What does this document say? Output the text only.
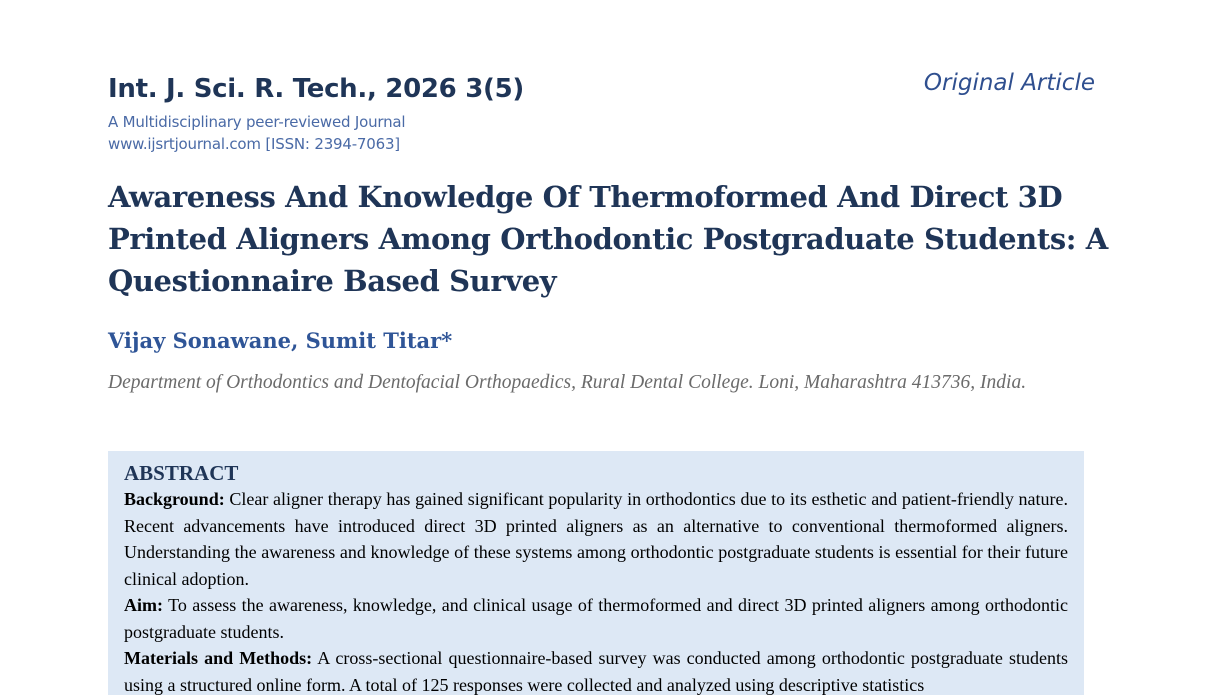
Int. J. Sci. R. Tech., 2026 3(5)	Original Article
A Multidisciplinary peer-reviewed Journal
www.ijsrtjournal.com [ISSN: 2394-7063]
Awareness And Knowledge Of Thermoformed And Direct 3D Printed Aligners Among Orthodontic Postgraduate Students: A Questionnaire Based Survey
Vijay Sonawane, Sumit Titar*
Department of Orthodontics and Dentofacial Orthopaedics, Rural Dental College. Loni, Maharashtra 413736, India.

ABSTRACT

Background: Clear aligner therapy has gained significant popularity in orthodontics due to its esthetic and patient-friendly nature. Recent advancements have introduced direct 3D printed aligners as an alternative to conventional thermoformed aligners. Understanding the awareness and knowledge of these systems among orthodontic postgraduate students is essential for their future clinical adoption.

Aim: To assess the awareness, knowledge, and clinical usage of thermoformed and direct 3D printed aligners among orthodontic postgraduate students.

Materials and Methods: A cross-sectional questionnaire-based survey was conducted among orthodontic postgraduate students using a structured online form. A total of 125 responses were collected and analyzed using descriptive statistics
